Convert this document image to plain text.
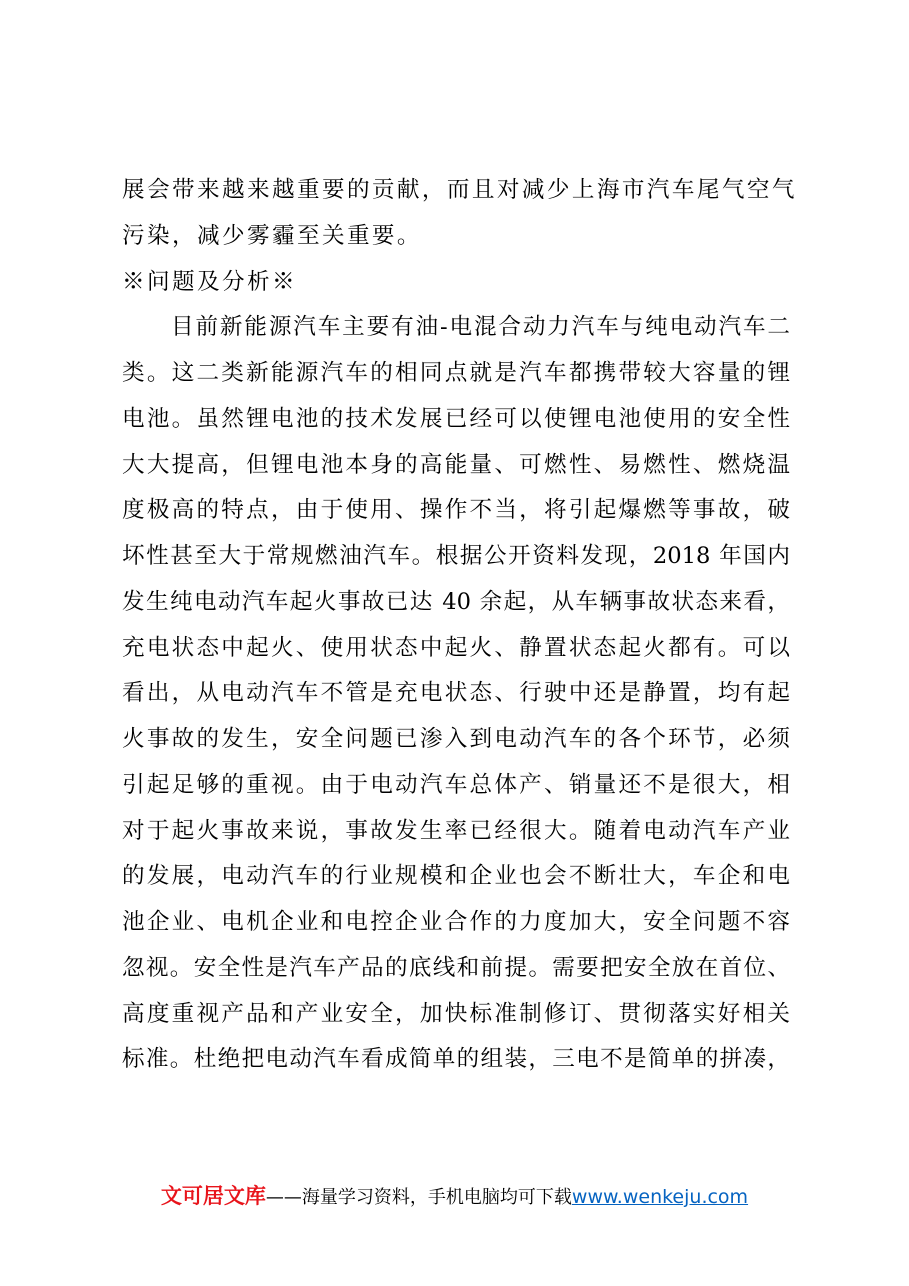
展会带来越来越重要的贡献，而且对减少上海市汽车尾气空气
污染，减少雾霾至关重要。
※问题及分析※
目前新能源汽车主要有油-电混合动力汽车与纯电动汽车二
类。这二类新能源汽车的相同点就是汽车都携带较大容量的锂
电池。虽然锂电池的技术发展已经可以使锂电池使用的安全性
大大提高，但锂电池本身的高能量、可燃性、易燃性、燃烧温
度极高的特点，由于使用、操作不当，将引起爆燃等事故，破
坏性甚至大于常规燃油汽车。根据公开资料发现，2018 年国内
发生纯电动汽车起火事故已达 40 余起，从车辆事故状态来看，
充电状态中起火、使用状态中起火、静置状态起火都有。可以
看出，从电动汽车不管是充电状态、行驶中还是静置，均有起
火事故的发生，安全问题已渗入到电动汽车的各个环节，必须
引起足够的重视。由于电动汽车总体产、销量还不是很大，相
对于起火事故来说，事故发生率已经很大。随着电动汽车产业
的发展，电动汽车的行业规模和企业也会不断壮大，车企和电
池企业、电机企业和电控企业合作的力度加大，安全问题不容
忽视。安全性是汽车产品的底线和前提。需要把安全放在首位、
高度重视产品和产业安全，加快标准制修订、贯彻落实好相关
标准。杜绝把电动汽车看成简单的组装，三电不是简单的拼凑，
文可居文库——海量学习资料，手机电脑均可下载www.wenkeju.com
